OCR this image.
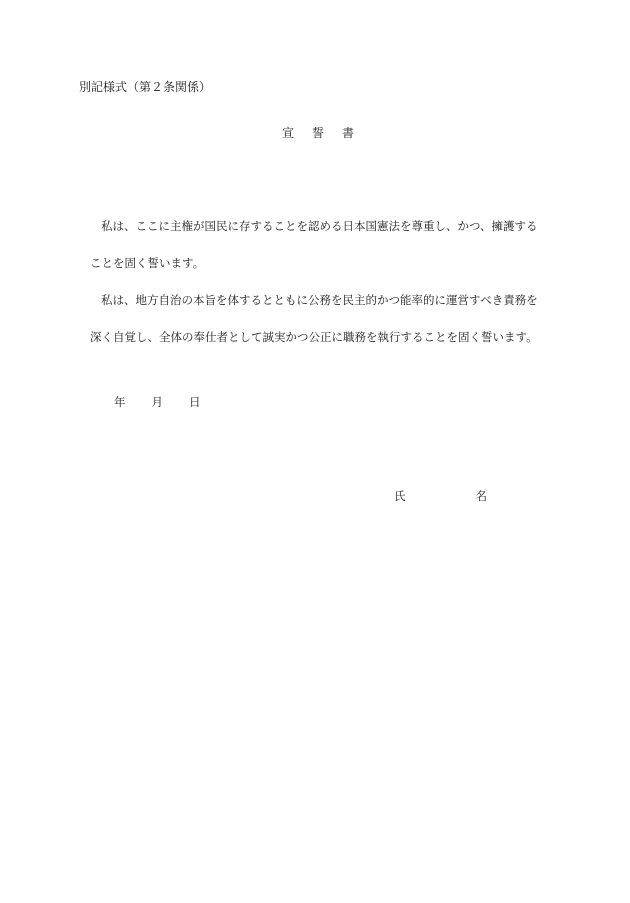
別記様式（第２条関係）
宣 誓 書
私は、ここに主権が国民に存することを認める日本国憲法を尊重し、かつ、擁護する
ことを固く誓います。
私は、地方自治の本旨を体するとともに公務を民主的かつ能率的に運営すべき責務を
深く自覚し、全体の奉仕者として誠実かつ公正に職務を執行することを固く誓います。
年 月 日
氏	名
